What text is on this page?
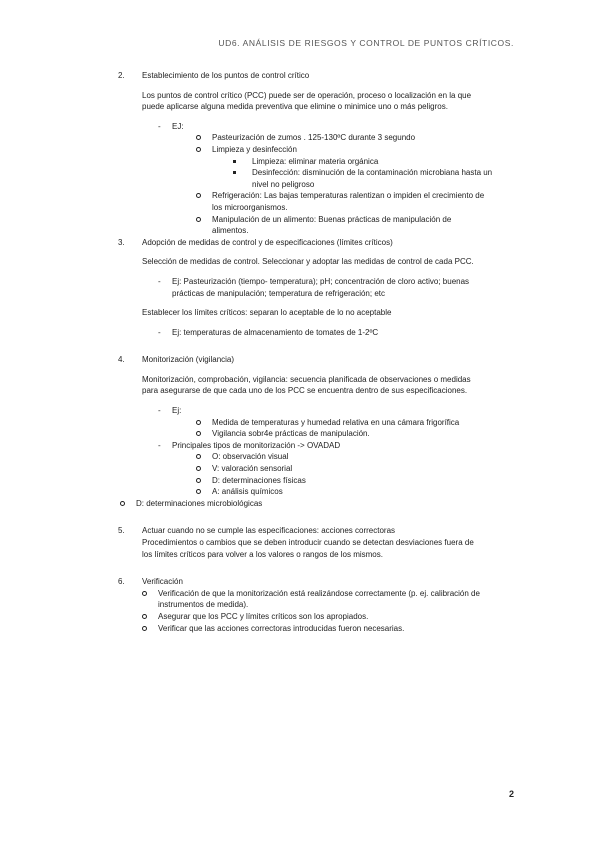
UD6. ANÁLISIS DE RIESGOS Y CONTROL DE PUNTOS CRÍTICOS.
2.	Establecimiento de los puntos de control crítico

Los puntos de control crítico (PCC) puede ser de operación, proceso o localización en la que

puede aplicarse alguna medida preventiva que elimine o minimice uno o más peligros.

- EJ:
Pasteurización de zumos . 125-130ºC durante 3 segundo
Limpieza y desinfección
Limpieza: eliminar materia orgánica
Desinfección: disminución de la contaminación microbiana hasta un
nivel no peligroso
Refrigeración: Las bajas temperaturas ralentizan o impiden el crecimiento de
los microorganismos.
Manipulación de un alimento: Buenas prácticas de manipulación de
alimentos.
3.	Adopción de medidas de control y de especificaciones (límites críticos)

Selección de medidas de control. Seleccionar y adoptar las medidas de control de cada PCC.

- Ej: Pasteurización (tiempo- temperatura); pH; concentración de cloro activo; buenas
prácticas de manipulación; temperatura de refrigeración; etc

Establecer los límites críticos: separan lo aceptable de lo no aceptable

- Ej: temperaturas de almacenamiento de tomates de 1-2ºC
4.	Monitorización (vigilancia)

Monitorización, comprobación, vigilancia: secuencia planificada de observaciones o medidas

para asegurarse de que cada uno de los PCC se encuentra dentro de sus especificaciones.

- Ej:
Medida de temperaturas y humedad relativa en una cámara frigorífica
Vigilancia sobr4e prácticas de manipulación.
- Principales tipos de monitorización -> OVADAD
O: observación visual
V: valoración sensorial
D: determinaciones físicas
A: análisis químicos
D: determinaciones microbiológicas
5.	Actuar cuando no se cumple las especificaciones: acciones correctoras

Procedimientos o cambios que se deben introducir cuando se detectan desviaciones fuera de

los límites críticos para volver a los valores o rangos de los mismos.

6.	Verificación

Verificación de que la monitorización está realizándose correctamente (p. ej. calibración de
instrumentos de medida).
Asegurar que los PCC y límites críticos son los apropiados.
Verificar que las acciones correctoras introducidas fueron necesarias.
2
